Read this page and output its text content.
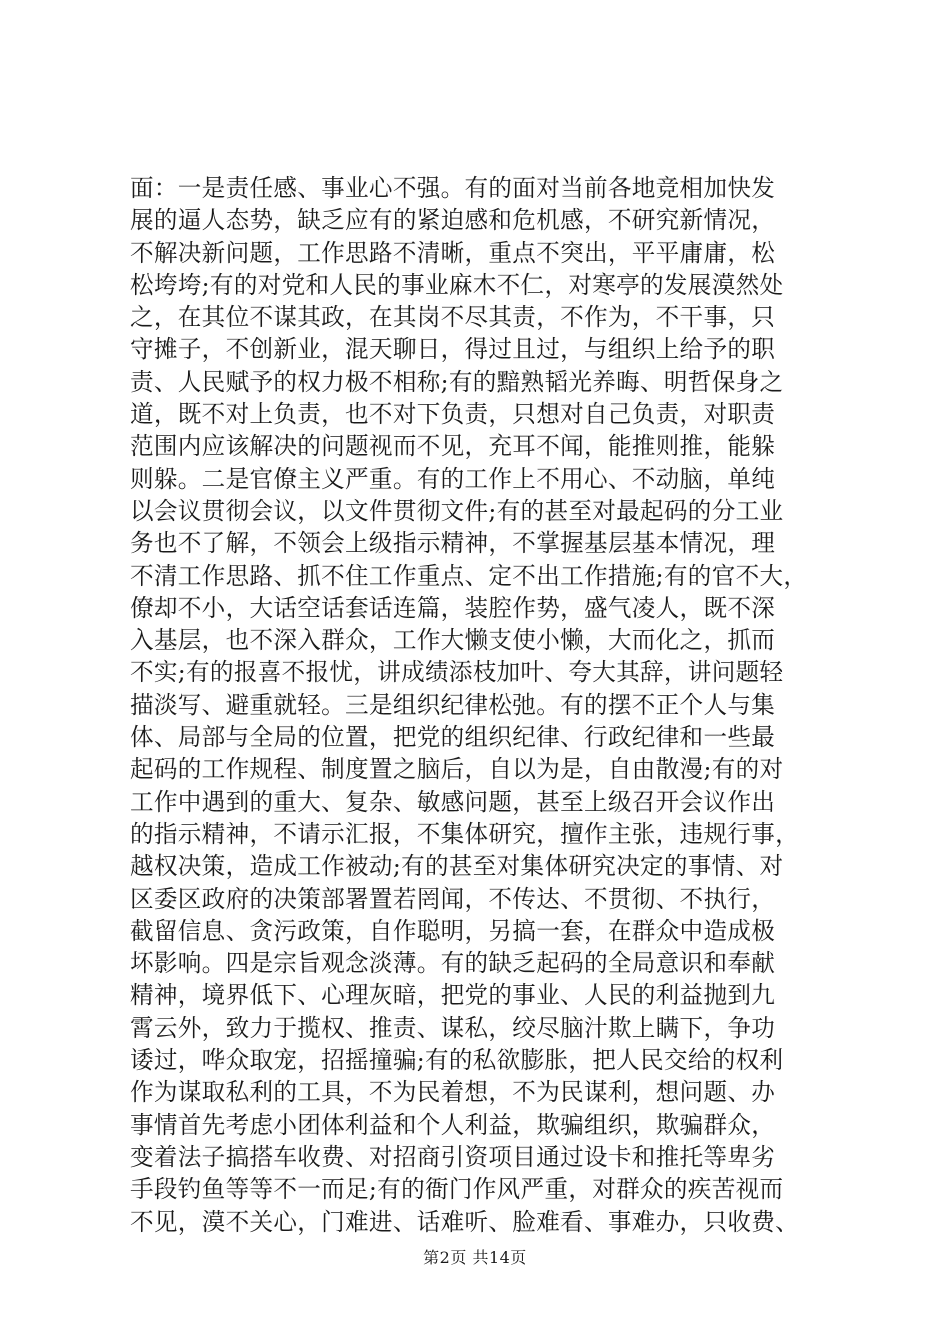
面：一是责任感、事业心不强。有的面对当前各地竞相加快发
展的逼人态势，缺乏应有的紧迫感和危机感，不研究新情况，
不解决新问题，工作思路不清晰，重点不突出，平平庸庸，松
松垮垮;有的对党和人民的事业麻木不仁，对寒亭的发展漠然处
之，在其位不谋其政，在其岗不尽其责，不作为，不干事，只
守摊子，不创新业，混天聊日，得过且过，与组织上给予的职
责、人民赋予的权力极不相称;有的黯熟韬光养晦、明哲保身之
道，既不对上负责，也不对下负责，只想对自己负责，对职责
范围内应该解决的问题视而不见，充耳不闻，能推则推，能躲
则躲。二是官僚主义严重。有的工作上不用心、不动脑，单纯
以会议贯彻会议，以文件贯彻文件;有的甚至对最起码的分工业
务也不了解，不领会上级指示精神，不掌握基层基本情况，理
不清工作思路、抓不住工作重点、定不出工作措施;有的官不大，
僚却不小，大话空话套话连篇，装腔作势，盛气凌人，既不深
入基层，也不深入群众，工作大懒支使小懒，大而化之，抓而
不实;有的报喜不报忧，讲成绩添枝加叶、夸大其辞，讲问题轻
描淡写、避重就轻。三是组织纪律松弛。有的摆不正个人与集
体、局部与全局的位置，把党的组织纪律、行政纪律和一些最
起码的工作规程、制度置之脑后，自以为是，自由散漫;有的对
工作中遇到的重大、复杂、敏感问题，甚至上级召开会议作出
的指示精神，不请示汇报，不集体研究，擅作主张，违规行事，
越权决策，造成工作被动;有的甚至对集体研究决定的事情、对
区委区政府的决策部署置若罔闻，不传达、不贯彻、不执行，
截留信息、贪污政策，自作聪明，另搞一套，在群众中造成极
坏影响。四是宗旨观念淡薄。有的缺乏起码的全局意识和奉献
精神，境界低下、心理灰暗，把党的事业、人民的利益抛到九
霄云外，致力于揽权、推责、谋私，绞尽脑汁欺上瞒下，争功
诿过，哗众取宠，招摇撞骗;有的私欲膨胀，把人民交给的权利
作为谋取私利的工具，不为民着想，不为民谋利，想问题、办
事情首先考虑小团体利益和个人利益，欺骗组织，欺骗群众，
变着法子搞搭车收费、对招商引资项目通过设卡和推托等卑劣
手段钓鱼等等不一而足;有的衙门作风严重，对群众的疾苦视而
不见，漠不关心，门难进、话难听、脸难看、事难办，只收费、
第2页 共14页
